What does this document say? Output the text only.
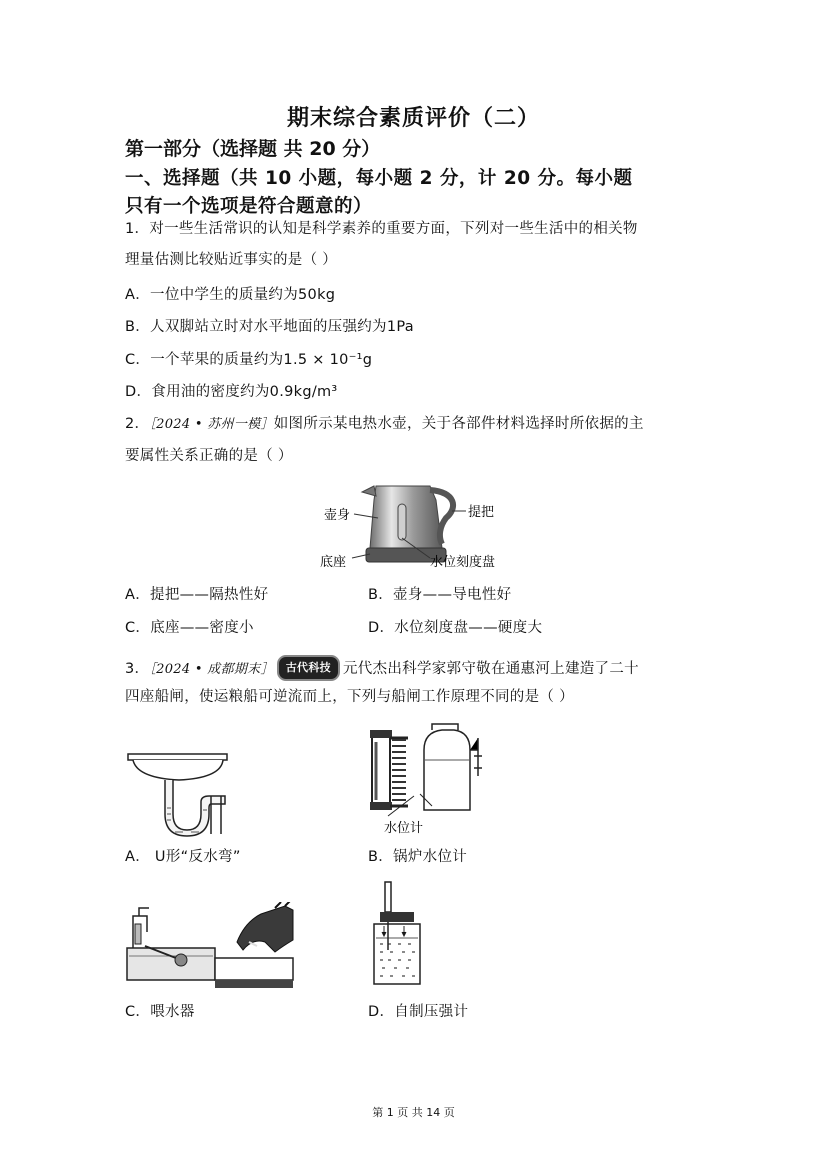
期末综合素质评价（二）
第一部分（选择题 共 20 分）
一、选择题（共 10 小题，每小题 2 分，计 20 分。每小题
只有一个选项是符合题意的）
1．对一些生活常识的认知是科学素养的重要方面，下列对一些生活中的相关物
理量估测比较贴近事实的是（ ）
A．一位中学生的质量约为50kg
B．人双脚站立时对水平地面的压强约为1Pa
C．一个苹果的质量约为1.5 × 10⁻¹g
D．食用油的密度约为0.9kg/m³
2．［2024 • 苏州一模］如图所示某电热水壶，关于各部件材料选择时所依据的主
要属性关系正确的是（ ）
壶身	提把
底座	水位刻度盘
A．提把——隔热性好	B．壶身——导电性好
C．底座——密度小	D．水位刻度盘——硬度大
3．［2024 • 成都期末］ 古代科技 元代杰出科学家郭守敬在通惠河上建造了二十
四座船闸，使运粮船可逆流而上，下列与船闸工作原理不同的是（ ）
水位计
A． U形“反水弯”	B．锅炉水位计
C．喂水器	D．自制压强计
第 1 页 共 14 页
